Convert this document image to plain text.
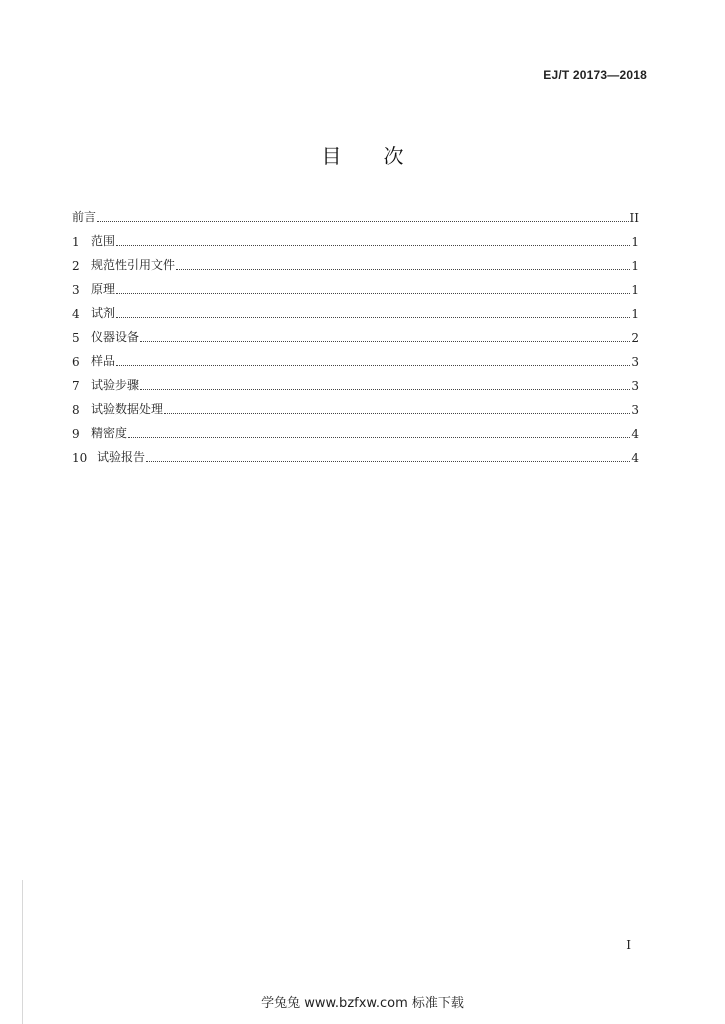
EJ/T 20173—2018
目 次
前言	II
1 范围	1
2 规范性引用文件	1
3 原理	1
4 试剂	1
5 仪器设备	2
6 样品	3
7 试验步骤	3
8 试验数据处理	3
9 精密度	4
10 试验报告	4
I
学兔兔 www.bzfxw.com 标准下载
